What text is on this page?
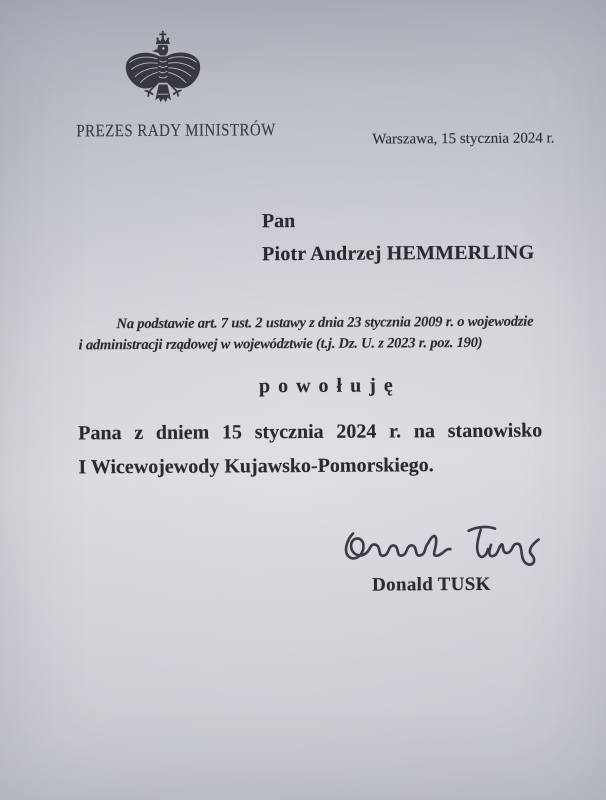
PREZES RADY MINISTRÓW	Warszawa, 15 stycznia 2024 r.
Pan
Piotr Andrzej HEMMERLING
Na podstawie art. 7 ust. 2 ustawy z dnia 23 stycznia 2009 r. o wojewodzie
i administracji rządowej w województwie (t.j. Dz. U. z 2023 r. poz. 190)
powołuję
Pana z dniem 15 stycznia 2024 r. na stanowisko
I Wicewojewody Kujawsko-Pomorskiego.
Donald TUSK
